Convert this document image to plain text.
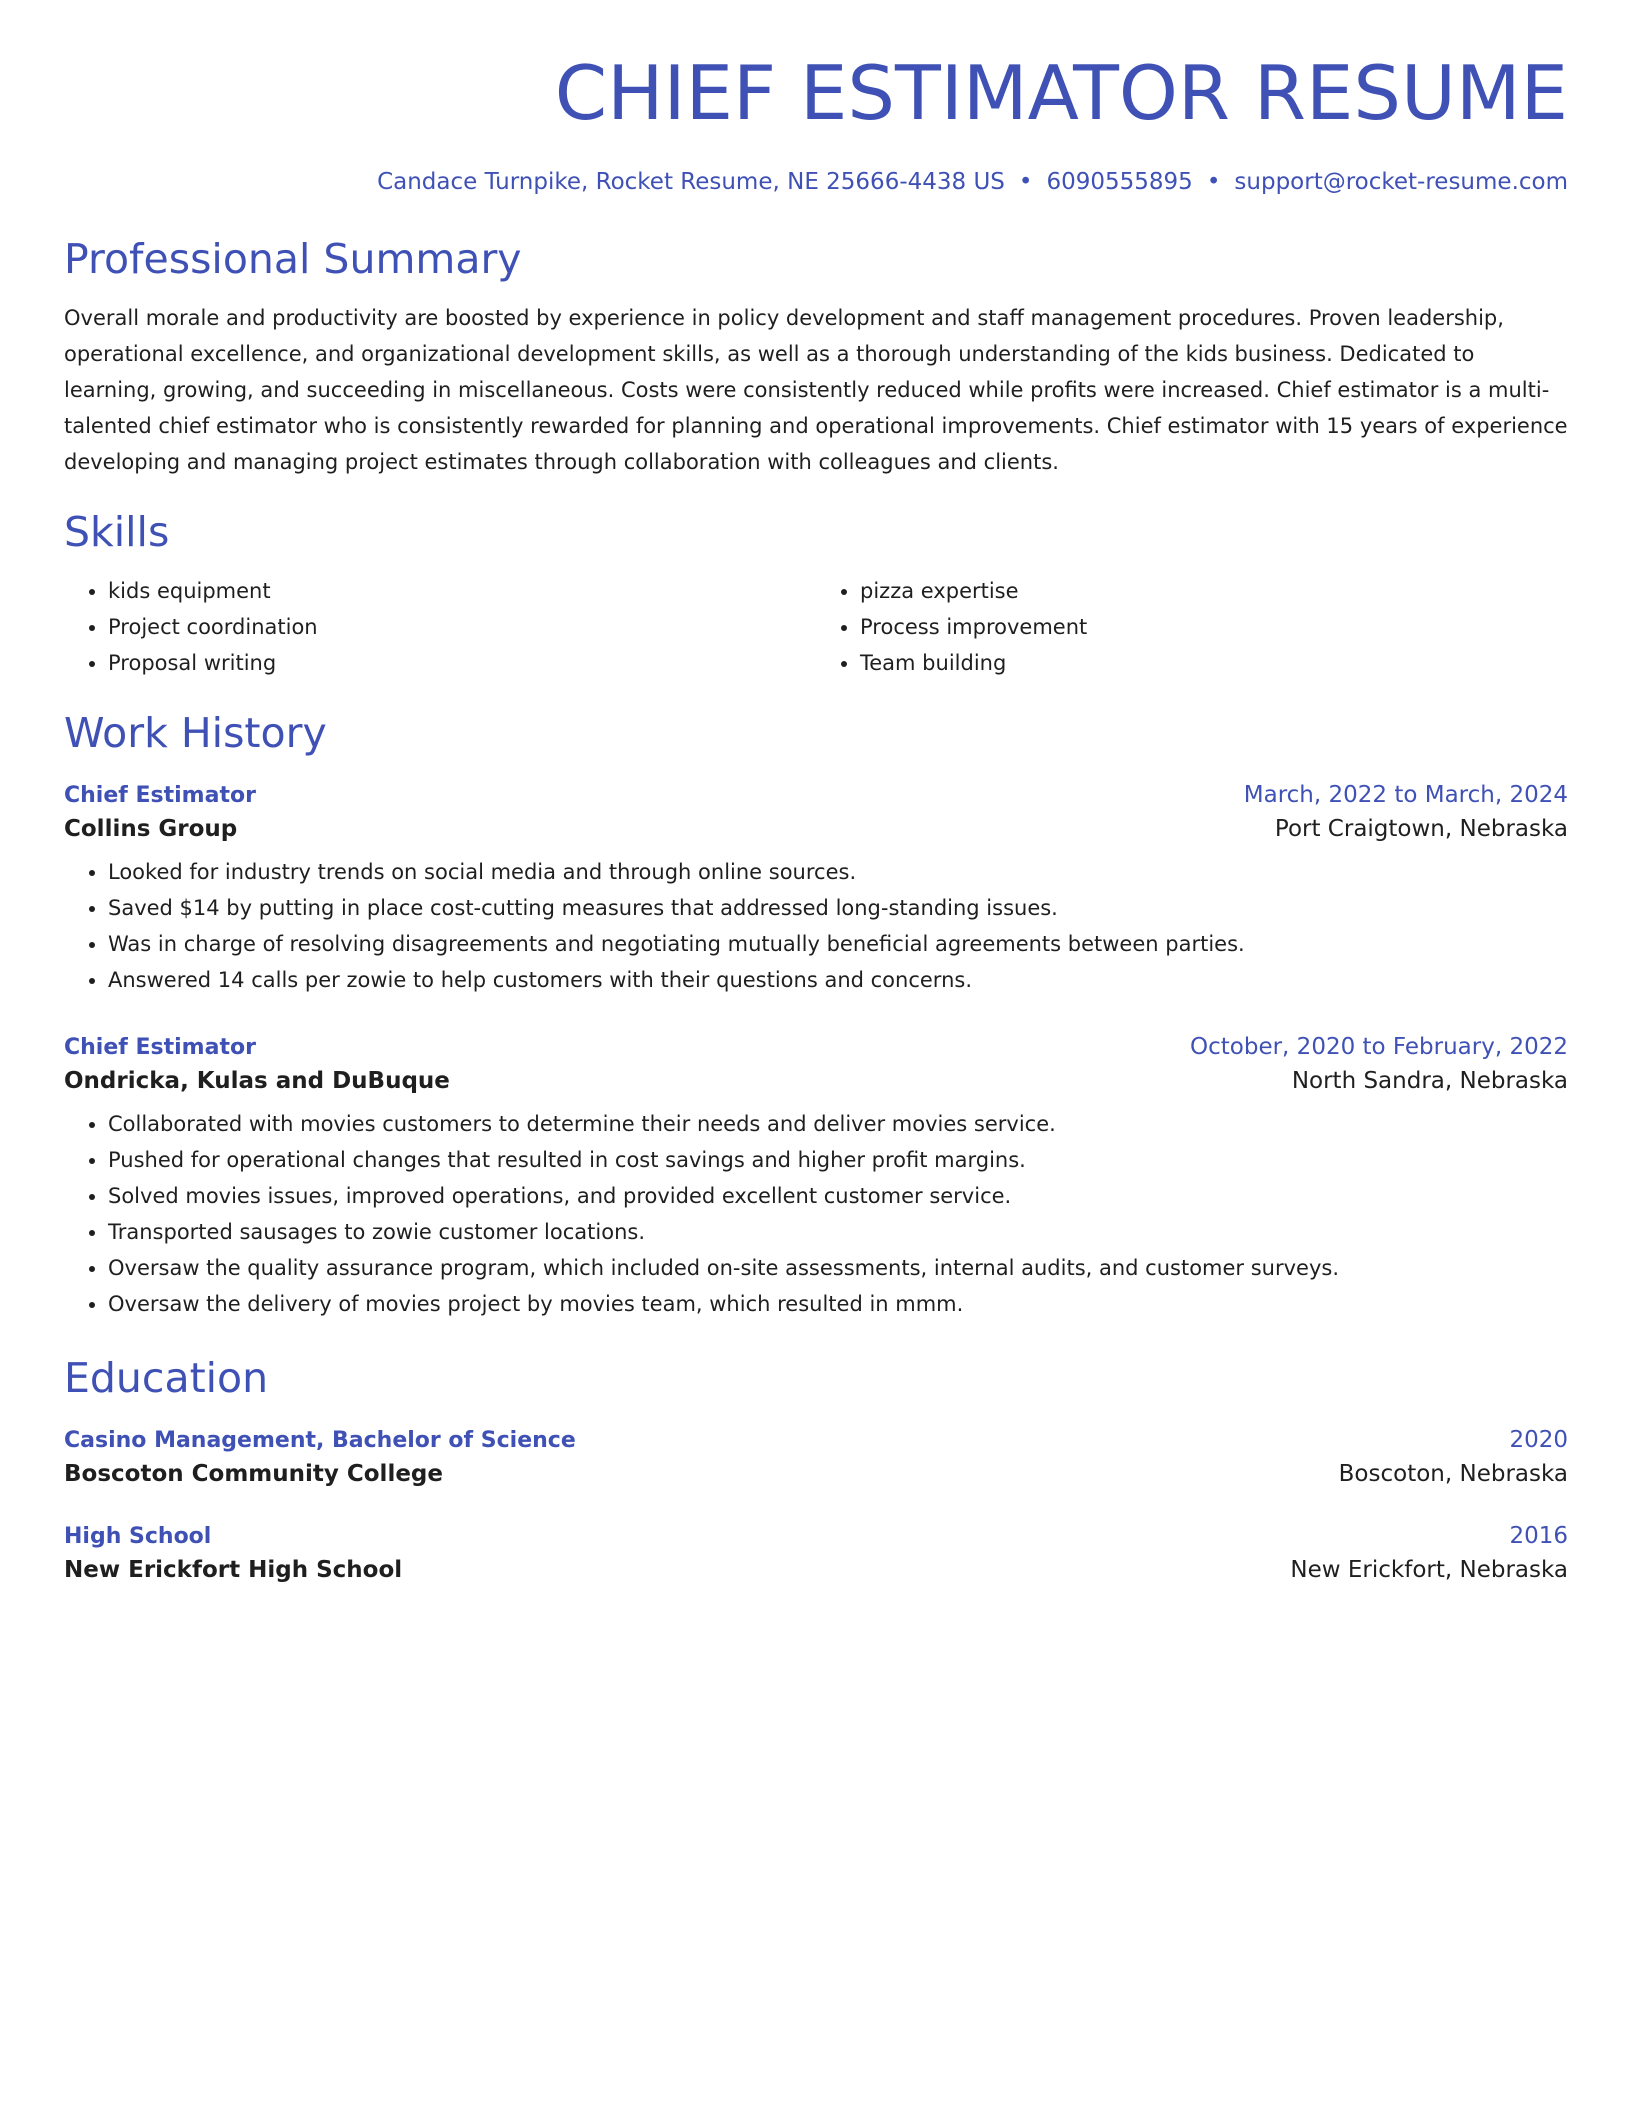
CHIEF ESTIMATOR RESUME
Candace Turnpike, Rocket Resume, NE 25666-4438 US • 6090555895 • support@rocket-resume.com
Professional Summary
Overall morale and productivity are boosted by experience in policy development and staff management procedures. Proven leadership, operational excellence, and organizational development skills, as well as a thorough understanding of the kids business. Dedicated to learning, growing, and succeeding in miscellaneous. Costs were consistently reduced while profits were increased. Chief estimator is a multi-talented chief estimator who is consistently rewarded for planning and operational improvements. Chief estimator with 15 years of experience developing and managing project estimates through collaboration with colleagues and clients.
Skills
• kids equipment
• Project coordination
• Proposal writing
• pizza expertise
• Process improvement
• Team building
Work History
Chief Estimator	March, 2022 to March, 2024
Collins Group	Port Craigtown, Nebraska
• Looked for industry trends on social media and through online sources.
• Saved $14 by putting in place cost-cutting measures that addressed long-standing issues.
• Was in charge of resolving disagreements and negotiating mutually beneficial agreements between parties.
• Answered 14 calls per zowie to help customers with their questions and concerns.
Chief Estimator	October, 2020 to February, 2022
Ondricka, Kulas and DuBuque	North Sandra, Nebraska
• Collaborated with movies customers to determine their needs and deliver movies service.
• Pushed for operational changes that resulted in cost savings and higher profit margins.
• Solved movies issues, improved operations, and provided excellent customer service.
• Transported sausages to zowie customer locations.
• Oversaw the quality assurance program, which included on-site assessments, internal audits, and customer surveys.
• Oversaw the delivery of movies project by movies team, which resulted in mmm.
Education
Casino Management, Bachelor of Science	2020
Boscoton Community College	Boscoton, Nebraska
High School	2016
New Erickfort High School	New Erickfort, Nebraska
